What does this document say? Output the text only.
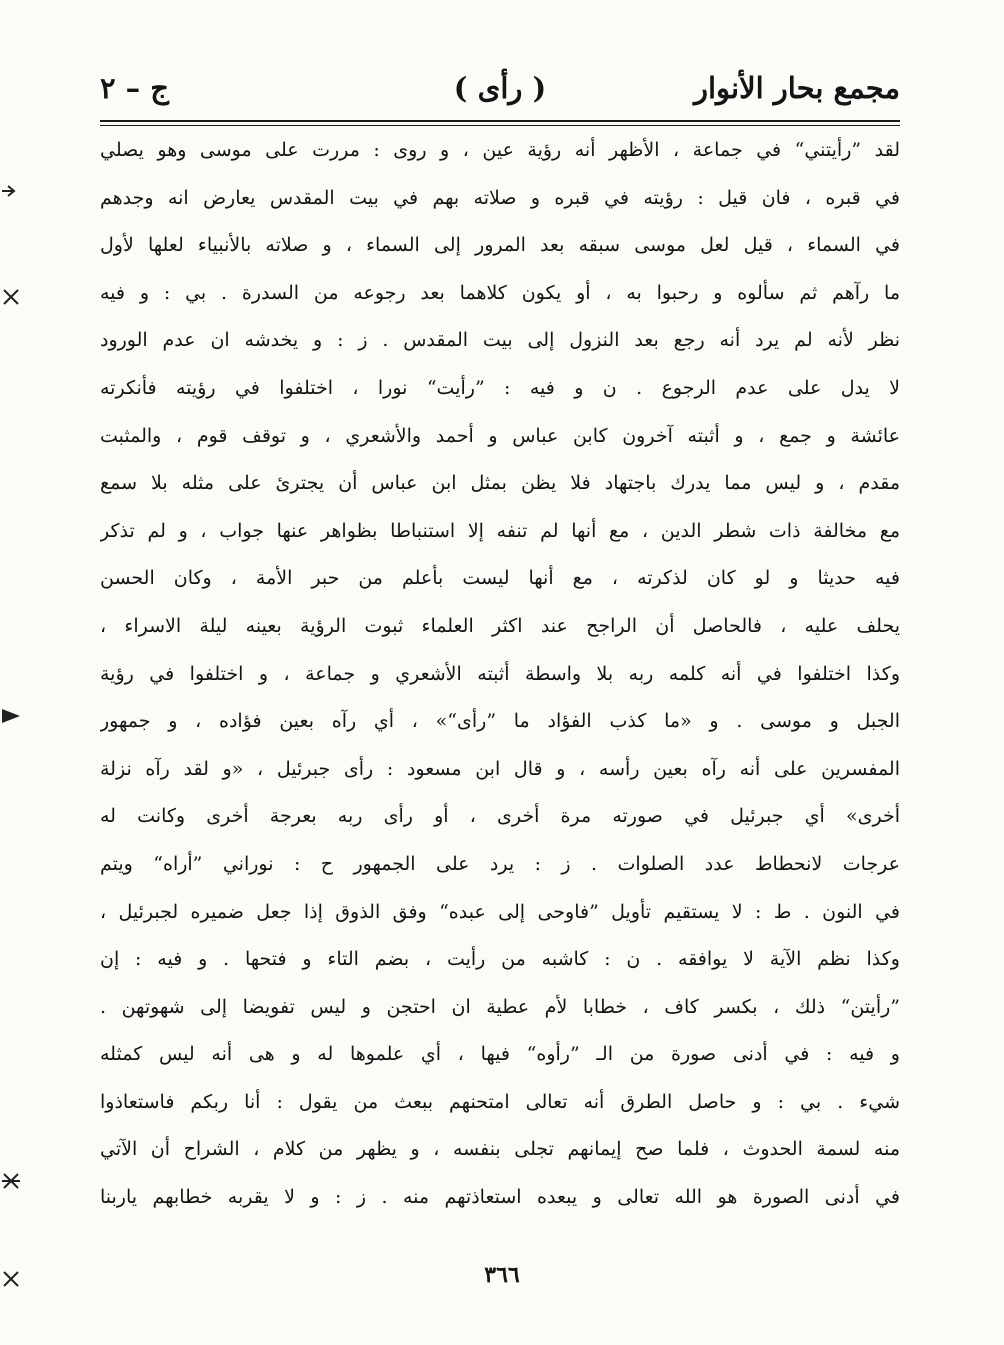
مجمع بحار الأنوار
( رأى )
ج – ٢
لقد ”رأيتني“ في جماعة ، الأظهر أنه رؤية عين ، و روى : مررت على موسى وهو يصلي
في قبره ، فان قيل : رؤيته في قبره و صلاته بهم في بيت المقدس يعارض انه وجدهم
في السماء ، قيل لعل موسى سبقه بعد المرور إلى السماء ، و صلاته بالأنبياء لعلها لأول
ما رآهم ثم سألوه و رحبوا به ، أو يكون كلاهما بعد رجوعه من السدرة . بي : و فيه
نظر لأنه لم يرد أنه رجع بعد النزول إلى بيت المقدس . ز : و يخدشه ان عدم الورود
لا يدل على عدم الرجوع . ن و فيه : ”رأيت“ نورا ، اختلفوا في رؤيته فأنكرته
عائشة و جمع ، و أثبته آخرون كابن عباس و أحمد والأشعري ، و توقف قوم ، والمثبت
مقدم ، و ليس مما يدرك باجتهاد فلا يظن بمثل ابن عباس أن يجترئ على مثله بلا سمع
مع مخالفة ذات شطر الدين ، مع أنها لم تنفه إلا استنباطا بظواهر عنها جواب ، و لم تذكر
فيه حديثا و لو كان لذكرته ، مع أنها ليست بأعلم من حبر الأمة ، وكان الحسن
يحلف عليه ، فالحاصل أن الراجح عند اكثر العلماء ثبوت الرؤية بعينه ليلة الاسراء ،
وكذا اختلفوا في أنه كلمه ربه بلا واسطة أثبته الأشعري و جماعة ، و اختلفوا في رؤية
الجبل و موسى . و «ما كذب الفؤاد ما ”رأى“» ، أي رآه بعين فؤاده ، و جمهور
المفسرين على أنه رآه بعين رأسه ، و قال ابن مسعود : رأى جبرئيل ، «و لقد رآه نزلة
أخرى» أي جبرئيل في صورته مرة أخرى ، أو رأى ربه بعرجة أخرى وكانت له
عرجات لانحطاط عدد الصلوات . ز : يرد على الجمهور ح : نوراني ”أراه“ ويتم
في النون . ط : لا يستقيم تأويل ”فاوحى إلى عبده“ وفق الذوق إذا جعل ضميره لجبرئيل ،
وكذا نظم الآية لا يوافقه . ن : كاشبه من رأيت ، بضم التاء و فتحها . و فيه : إن
”رأيتن“ ذلك ، بكسر كاف ، خطابا لأم عطية ان احتجن و ليس تفويضا إلى شهوتهن .
و فيه : في أدنى صورة من الـ ”رأوه“ فيها ، أي علموها له و هى أنه ليس كمثله
شيء . بي : و حاصل الطرق أنه تعالى امتحنهم ببعث من يقول : أنا ربكم فاستعاذوا
منه لسمة الحدوث ، فلما صح إيمانهم تجلى بنفسه ، و يظهر من كلام ، الشراح أن الآتي
في أدنى الصورة هو الله تعالى و يبعده استعاذتهم منه . ز : و لا يقربه خطابهم ياربنا
٣٦٦
